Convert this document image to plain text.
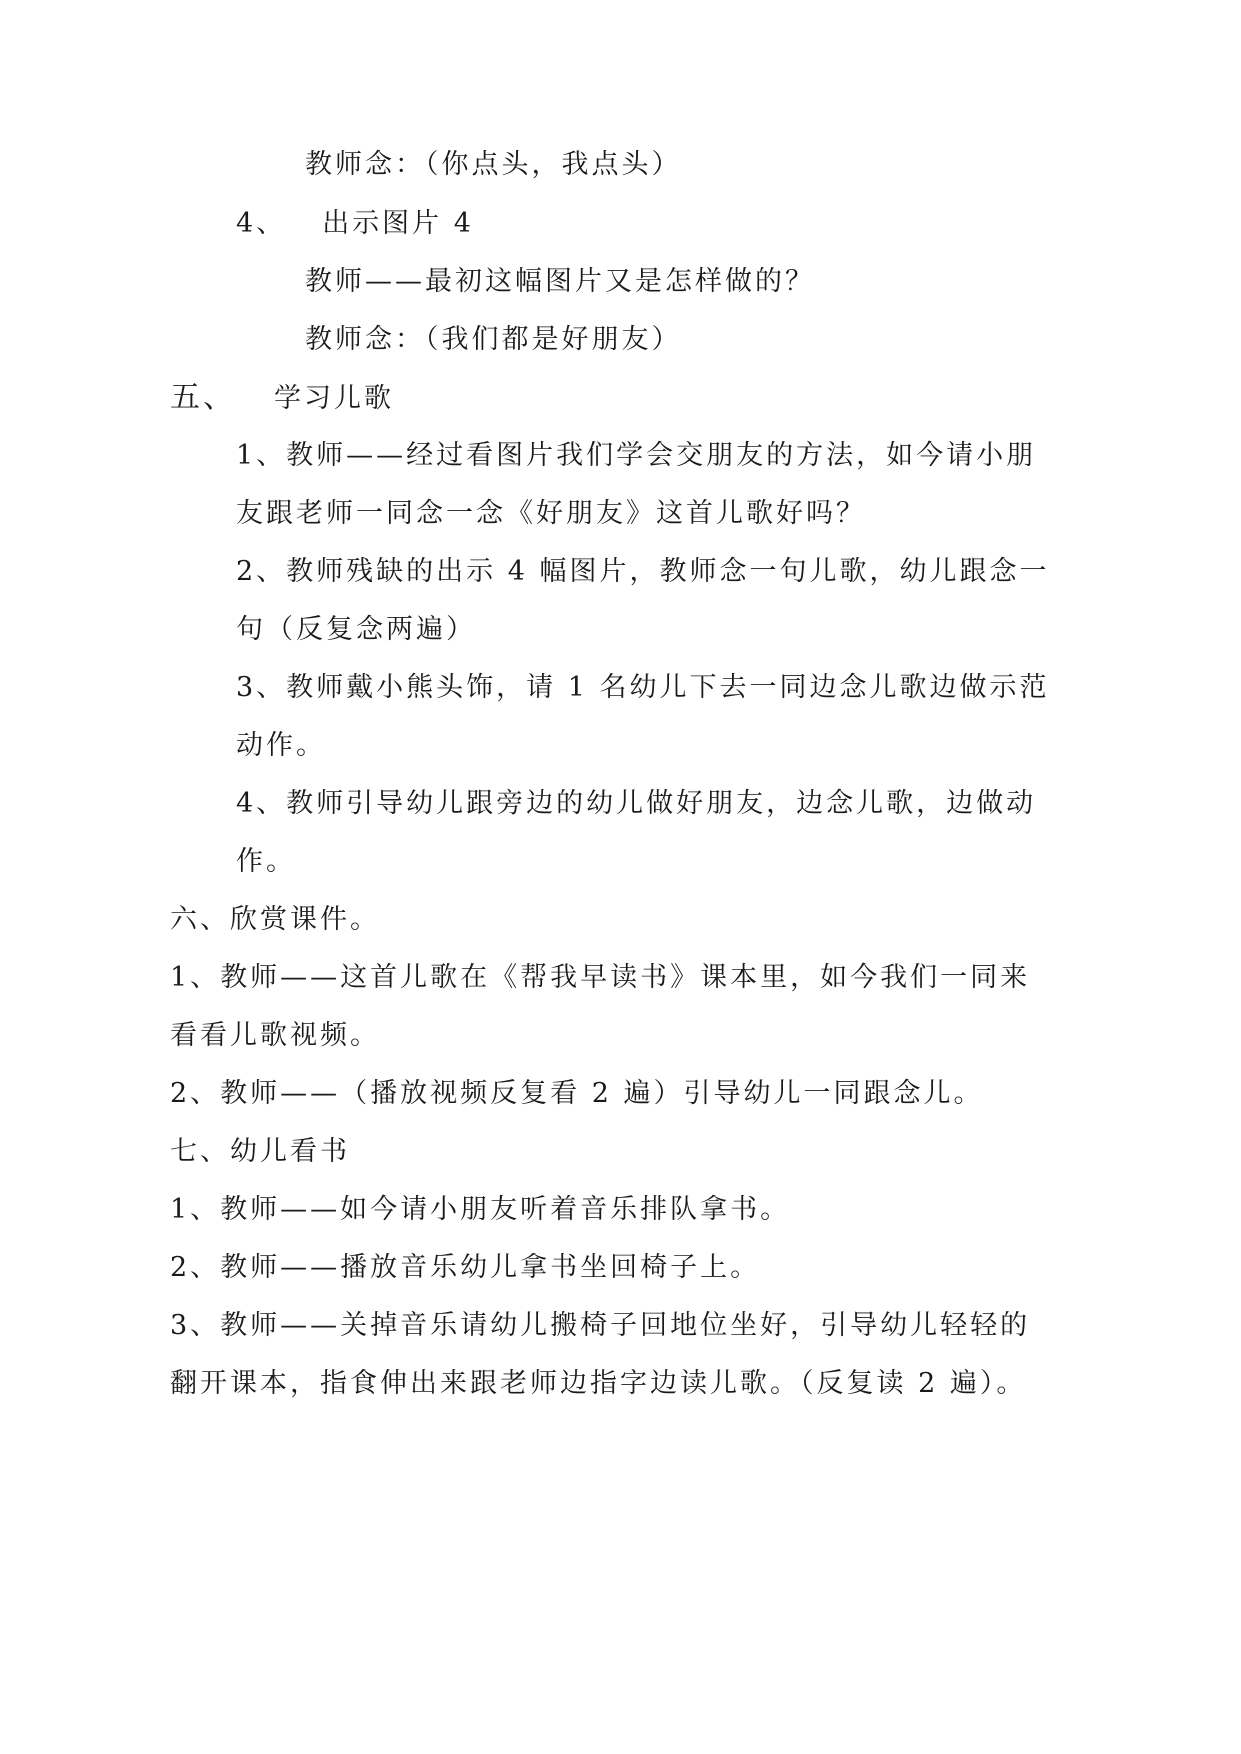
教师念：（你点头，我点头）
4、 出示图片 4
教师——最初这幅图片又是怎样做的？
教师念：（我们都是好朋友）
五、 学习儿歌
1、教师——经过看图片我们学会交朋友的方法，如今请小朋
友跟老师一同念一念《好朋友》这首儿歌好吗？
2、教师残缺的出示 4 幅图片，教师念一句儿歌，幼儿跟念一
句（反复念两遍）
3、教师戴小熊头饰，请 1 名幼儿下去一同边念儿歌边做示范
动作。
4、教师引导幼儿跟旁边的幼儿做好朋友，边念儿歌，边做动
作。
六、欣赏课件。
1、教师——这首儿歌在《帮我早读书》课本里，如今我们一同来
看看儿歌视频。
2、教师——（播放视频反复看 2 遍）引导幼儿一同跟念儿。
七、幼儿看书
1、教师——如今请小朋友听着音乐排队拿书。
2、教师——播放音乐幼儿拿书坐回椅子上。
3、教师——关掉音乐请幼儿搬椅子回地位坐好，引导幼儿轻轻的
翻开课本，指食伸出来跟老师边指字边读儿歌。（反复读 2 遍）。
